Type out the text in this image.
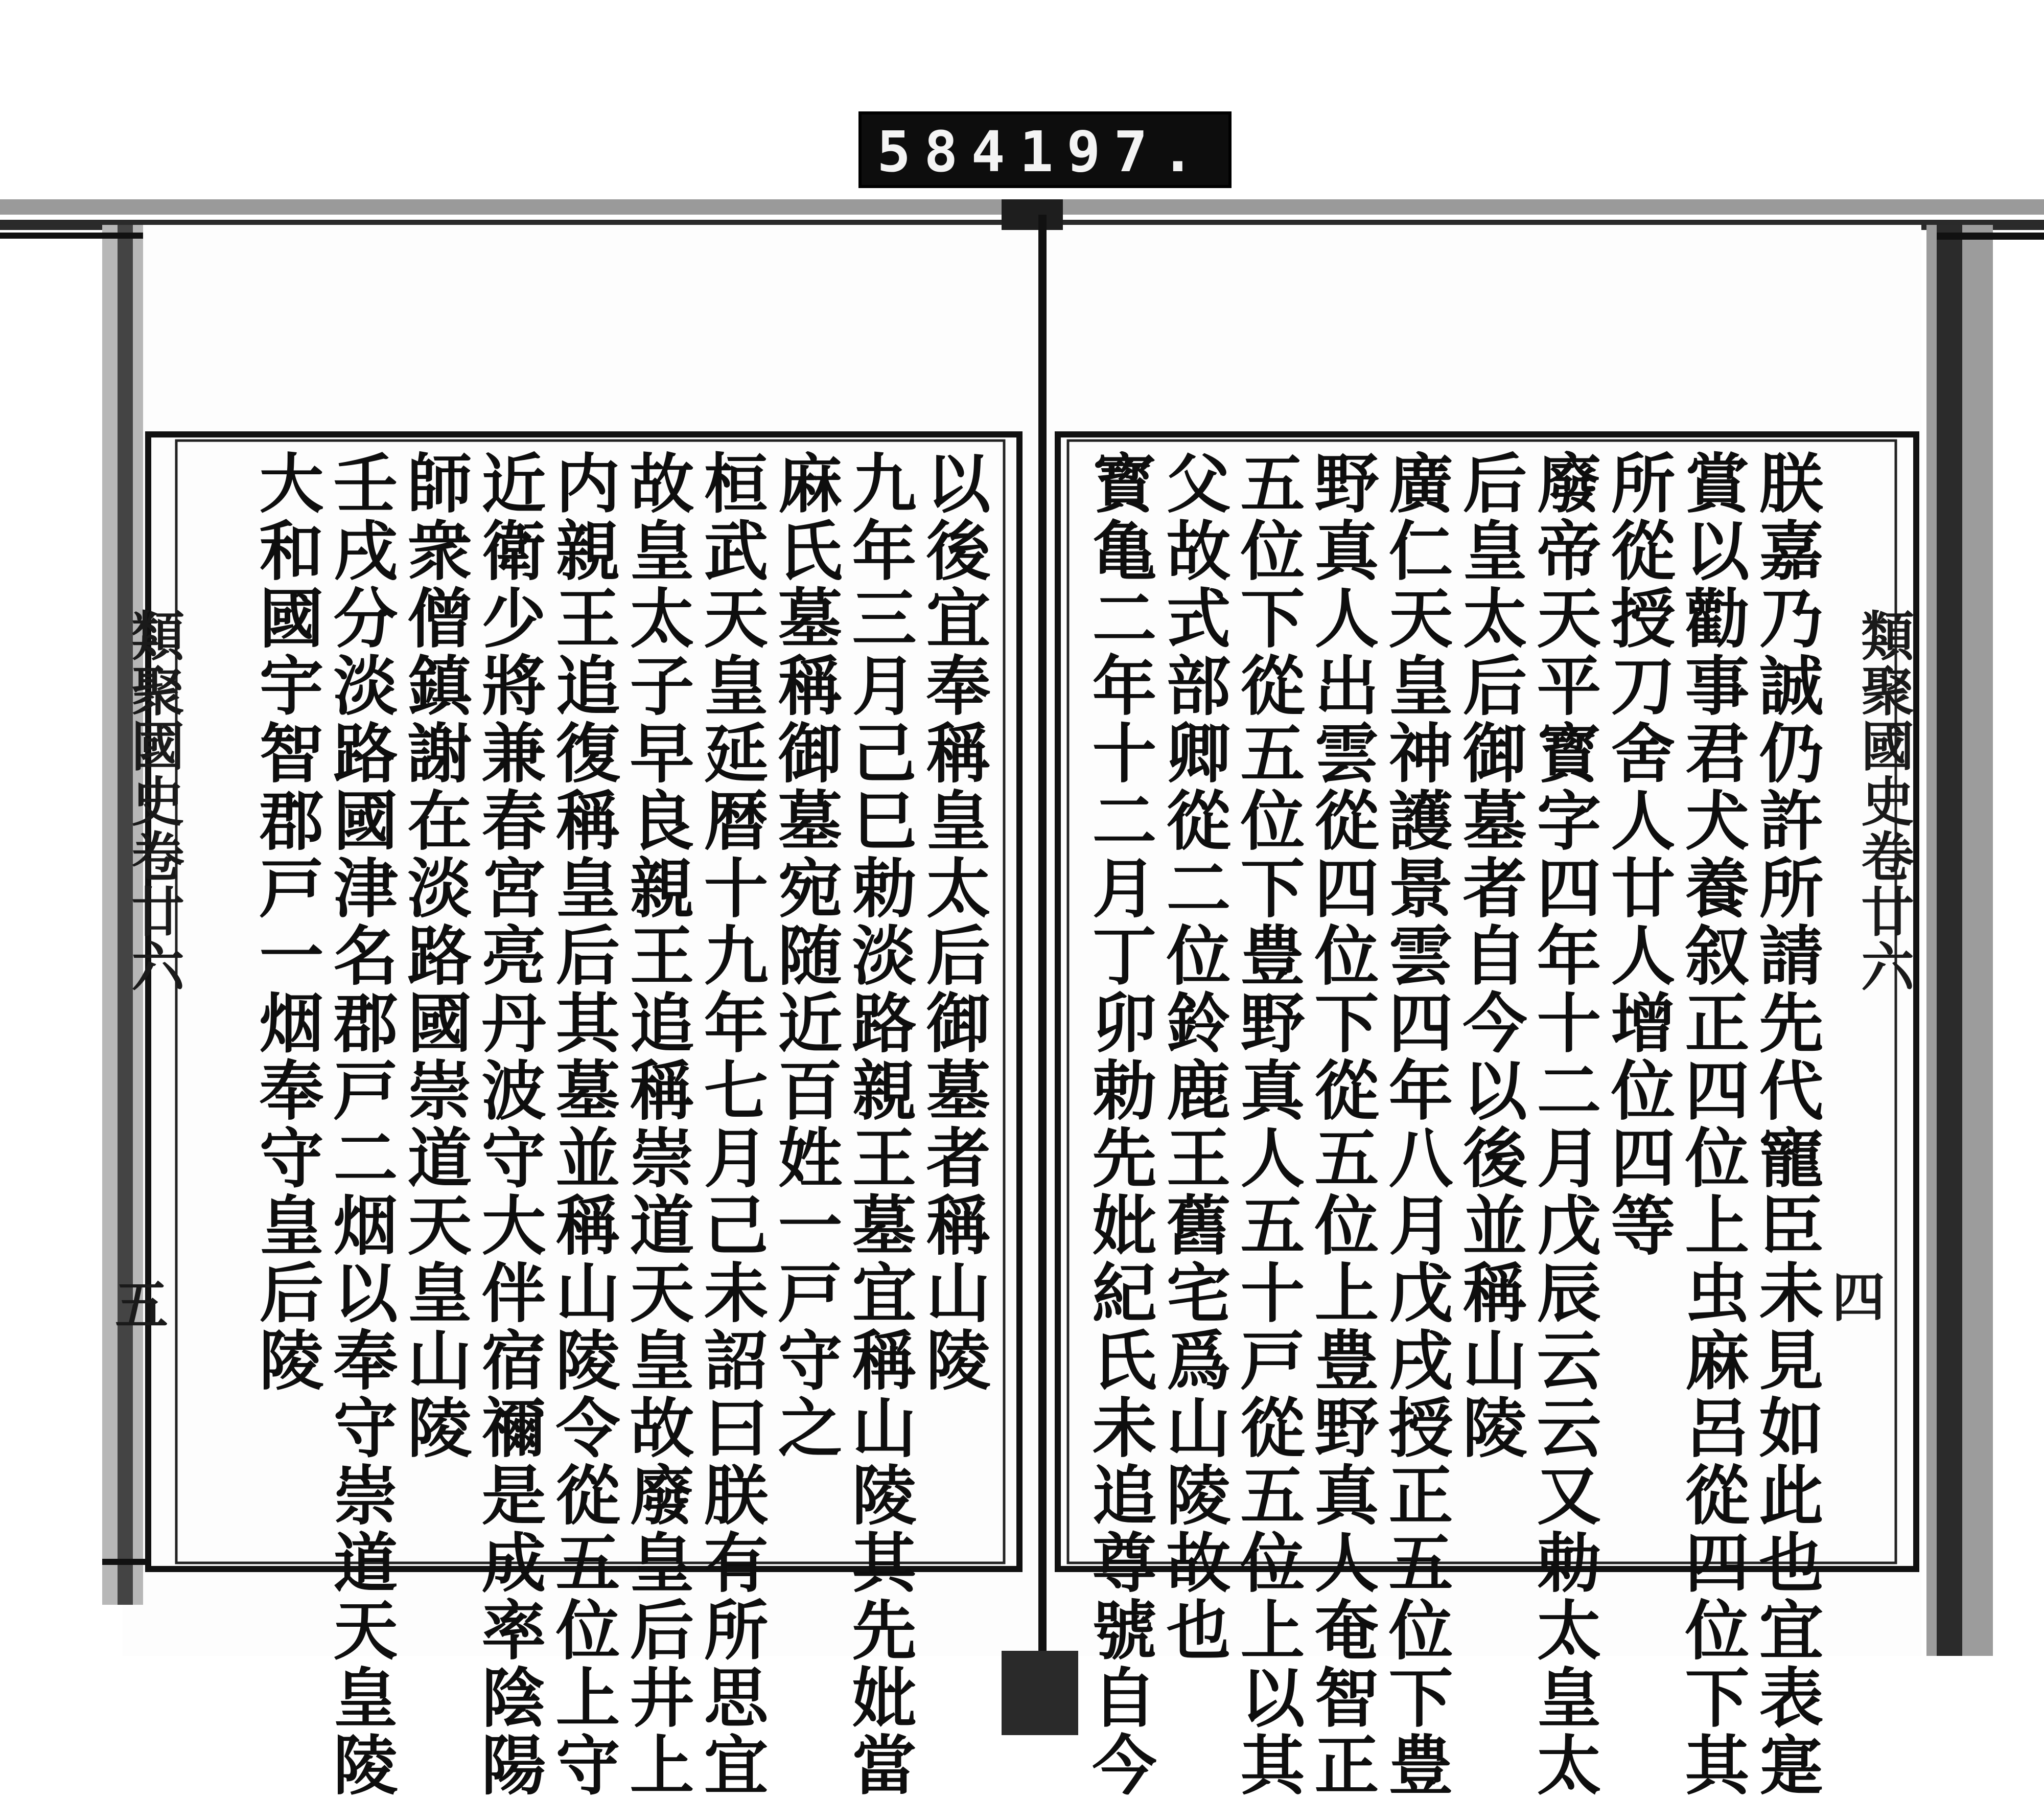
584 197.
類聚國史卷廿六
四
類聚國史卷廿六
五	朕嘉乃誠仍許所請先代寵臣未見如此也宜表寔
賞以勸事君犬養叙正四位上虫麻呂從四位下其
所從授刀舍人廿人增位四等
廢帝天平寳字四年十二月戊辰云云又勅太皇太
后皇太后御墓者自今以後並稱山陵
廣仁天皇神護景雲四年八月戊戌授正五位下豊
野真人出雲從四位下從五位上豊野真人奄智正
五位下從五位下豊野真人五十戸從五位上以其
父故式部卿從二位鈴鹿王舊宅爲山陵故也
寳亀二年十二月丁卯勅先妣紀氏未追尊號自今
以後宜奉稱皇太后御墓者稱山陵
九年三月己巳勅淡路親王墓宜稱山陵其先妣當
麻氏墓稱御墓宛随近百姓一戸守之
桓武天皇延暦十九年七月己未詔曰朕有所思宜
故皇太子早良親王追稱崇道天皇故廢皇后井上
内親王追復稱皇后其墓並稱山陵令從五位上守
近衛少將兼春宮亮丹波守大伴宿禰是成率陰陽
師衆僧鎮謝在淡路國崇道天皇山陵
壬戌分淡路國津名郡戸二烟以奉守崇道天皇陵
大和國宇智郡戸一烟奉守皇后陵
